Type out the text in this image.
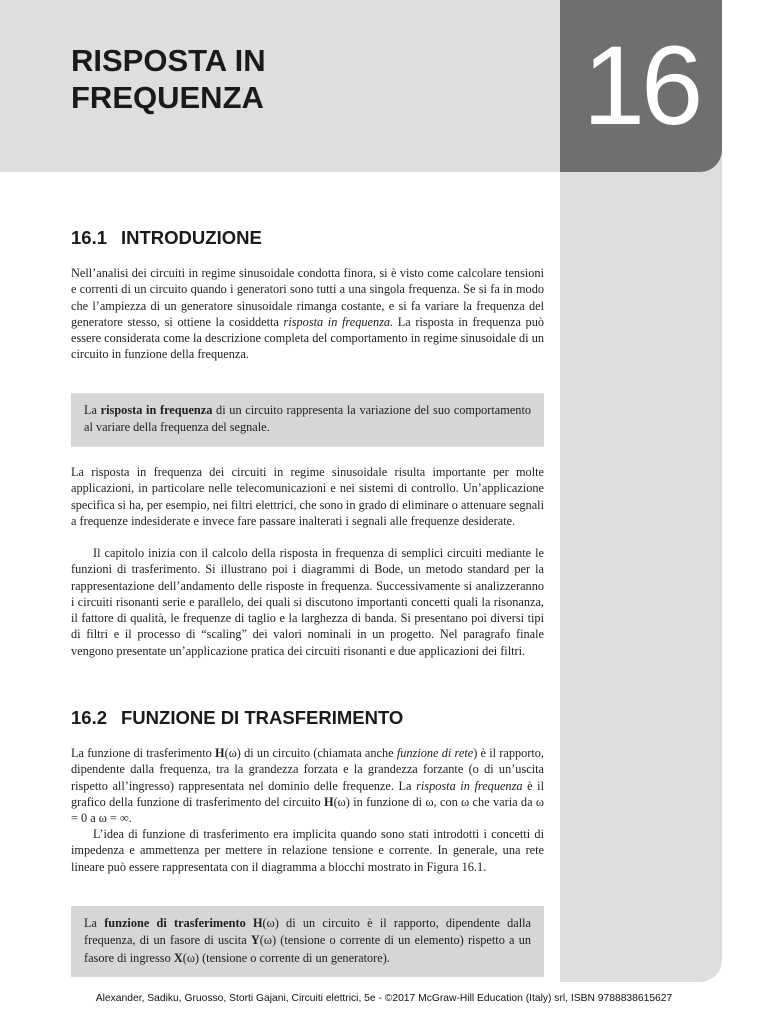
16
RISPOSTA IN
FREQUENZA
16.1 INTRODUZIONE

Nell’analisi dei circuiti in regime sinusoidale condotta finora, si è visto come calcolare tensioni e correnti di un circuito quando i generatori sono tutti a una singola frequenza. Se si fa in modo che l’ampiezza di un generatore sinusoidale rimanga costante, e si fa variare la frequenza del generatore stesso, si ottiene la cosiddetta risposta in frequenza. La risposta in frequenza può essere considerata come la descrizione completa del comportamento in regime sinusoidale di un circuito in funzione della frequenza.

La risposta in frequenza di un circuito rappresenta la variazione del suo comportamento al variare della frequenza del segnale.

La risposta in frequenza dei circuiti in regime sinusoidale risulta importante per molte applicazioni, in particolare nelle telecomunicazioni e nei sistemi di controllo. Un’applicazione specifica si ha, per esempio, nei filtri elettrici, che sono in grado di eliminare o attenuare segnali a frequenze indesiderate e invece fare passare inalterati i segnali alle frequenze desiderate.

Il capitolo inizia con il calcolo della risposta in frequenza di semplici circuiti mediante le funzioni di trasferimento. Si illustrano poi i diagrammi di Bode, un metodo standard per la rappresentazione dell’andamento delle risposte in frequenza. Successivamente si analizzeranno i circuiti risonanti serie e parallelo, dei quali si discutono importanti concetti quali la risonanza, il fattore di qualità, le frequenze di taglio e la larghezza di banda. Si presentano poi diversi tipi di filtri e il processo di “scaling” dei valori nominali in un progetto. Nel paragrafo finale vengono presentate un’applicazione pratica dei circuiti risonanti e due applicazioni dei filtri.

16.2 FUNZIONE DI TRASFERIMENTO

La funzione di trasferimento H(ω) di un circuito (chiamata anche funzione di rete) è il rapporto, dipendente dalla frequenza, tra la grandezza forzata e la grandezza forzante (o di un’uscita rispetto all’ingresso) rappresentata nel dominio delle frequenze. La risposta in frequenza è il grafico della funzione di trasferimento del circuito H(ω) in funzione di ω, con ω che varia da ω = 0 a ω = ∞.

L’idea di funzione di trasferimento era implicita quando sono stati introdotti i concetti di impedenza e ammettenza per mettere in relazione tensione e corrente. In generale, una rete lineare può essere rappresentata con il diagramma a blocchi mostrato in Figura 16.1.

La funzione di trasferimento H(ω) di un circuito è il rapporto, dipendente dalla frequenza, di un fasore di uscita Y(ω) (tensione o corrente di un elemento) rispetto a un fasore di ingresso X(ω) (tensione o corrente di un generatore).

Alexander, Sadiku, Gruosso, Storti Gajani, Circuiti elettrici, 5e - ©2017 McGraw-Hill Education (Italy) srl, ISBN 9788838615627
